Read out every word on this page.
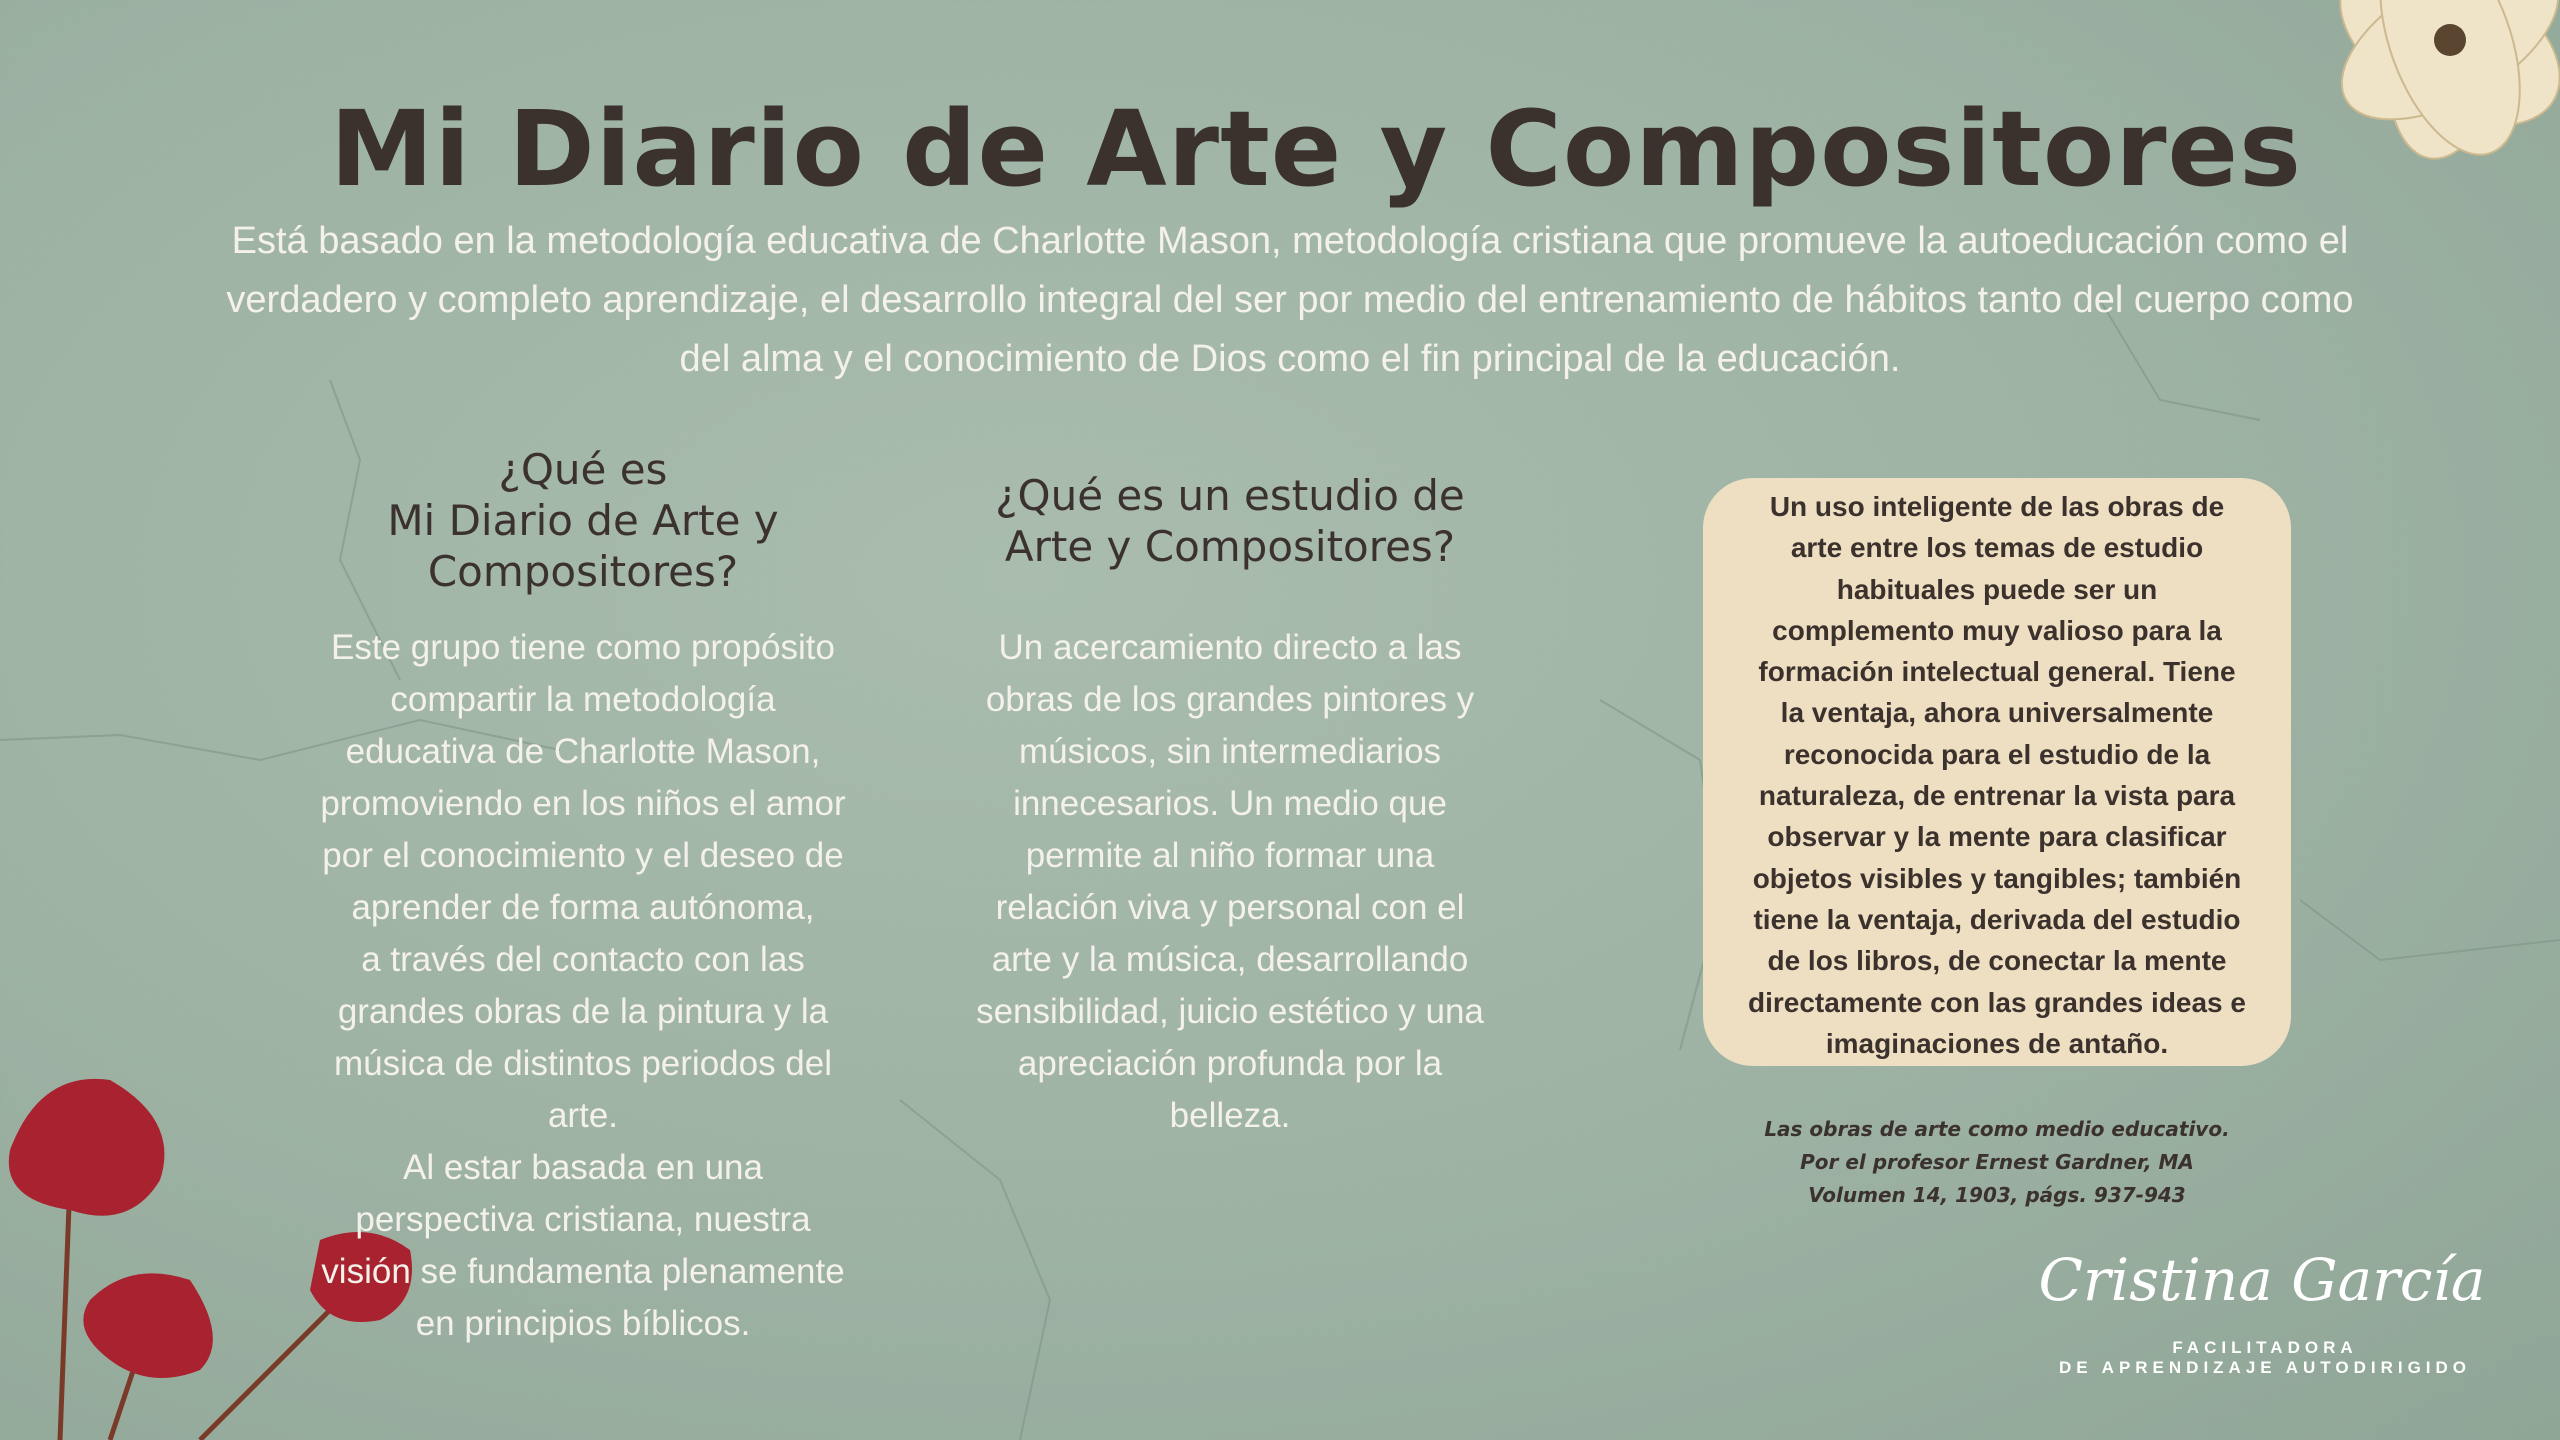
Mi Diario de Arte y Compositores
Está basado en la metodología educativa de Charlotte Mason, metodología cristiana que promueve la autoeducación como el
verdadero y completo aprendizaje, el desarrollo integral del ser por medio del entrenamiento de hábitos tanto del cuerpo como
del alma y el conocimiento de Dios como el fin principal de la educación.
¿Qué es
Mi Diario de Arte y
Compositores?
Este grupo tiene como propósito
compartir la metodología
educativa de Charlotte Mason,
promoviendo en los niños el amor
por el conocimiento y el deseo de
aprender de forma autónoma,
a través del contacto con las
grandes obras de la pintura y la
música de distintos periodos del
arte.
Al estar basada en una
perspectiva cristiana, nuestra
visión se fundamenta plenamente
en principios bíblicos.
¿Qué es un estudio de
Arte y Compositores?
Un acercamiento directo a las
obras de los grandes pintores y
músicos, sin intermediarios
innecesarios. Un medio que
permite al niño formar una
relación viva y personal con el
arte y la música, desarrollando
sensibilidad, juicio estético y una
apreciación profunda por la
belleza.
Un uso inteligente de las obras de
arte entre los temas de estudio
habituales puede ser un
complemento muy valioso para la
formación intelectual general. Tiene
la ventaja, ahora universalmente
reconocida para el estudio de la
naturaleza, de entrenar la vista para
observar y la mente para clasificar
objetos visibles y tangibles; también
tiene la ventaja, derivada del estudio
de los libros, de conectar la mente
directamente con las grandes ideas e
imaginaciones de antaño.
Las obras de arte como medio educativo.
Por el profesor Ernest Gardner, MA
Volumen 14, 1903, págs. 937-943
Cristina García
FACILITADORA
DE APRENDIZAJE AUTODIRIGIDO
